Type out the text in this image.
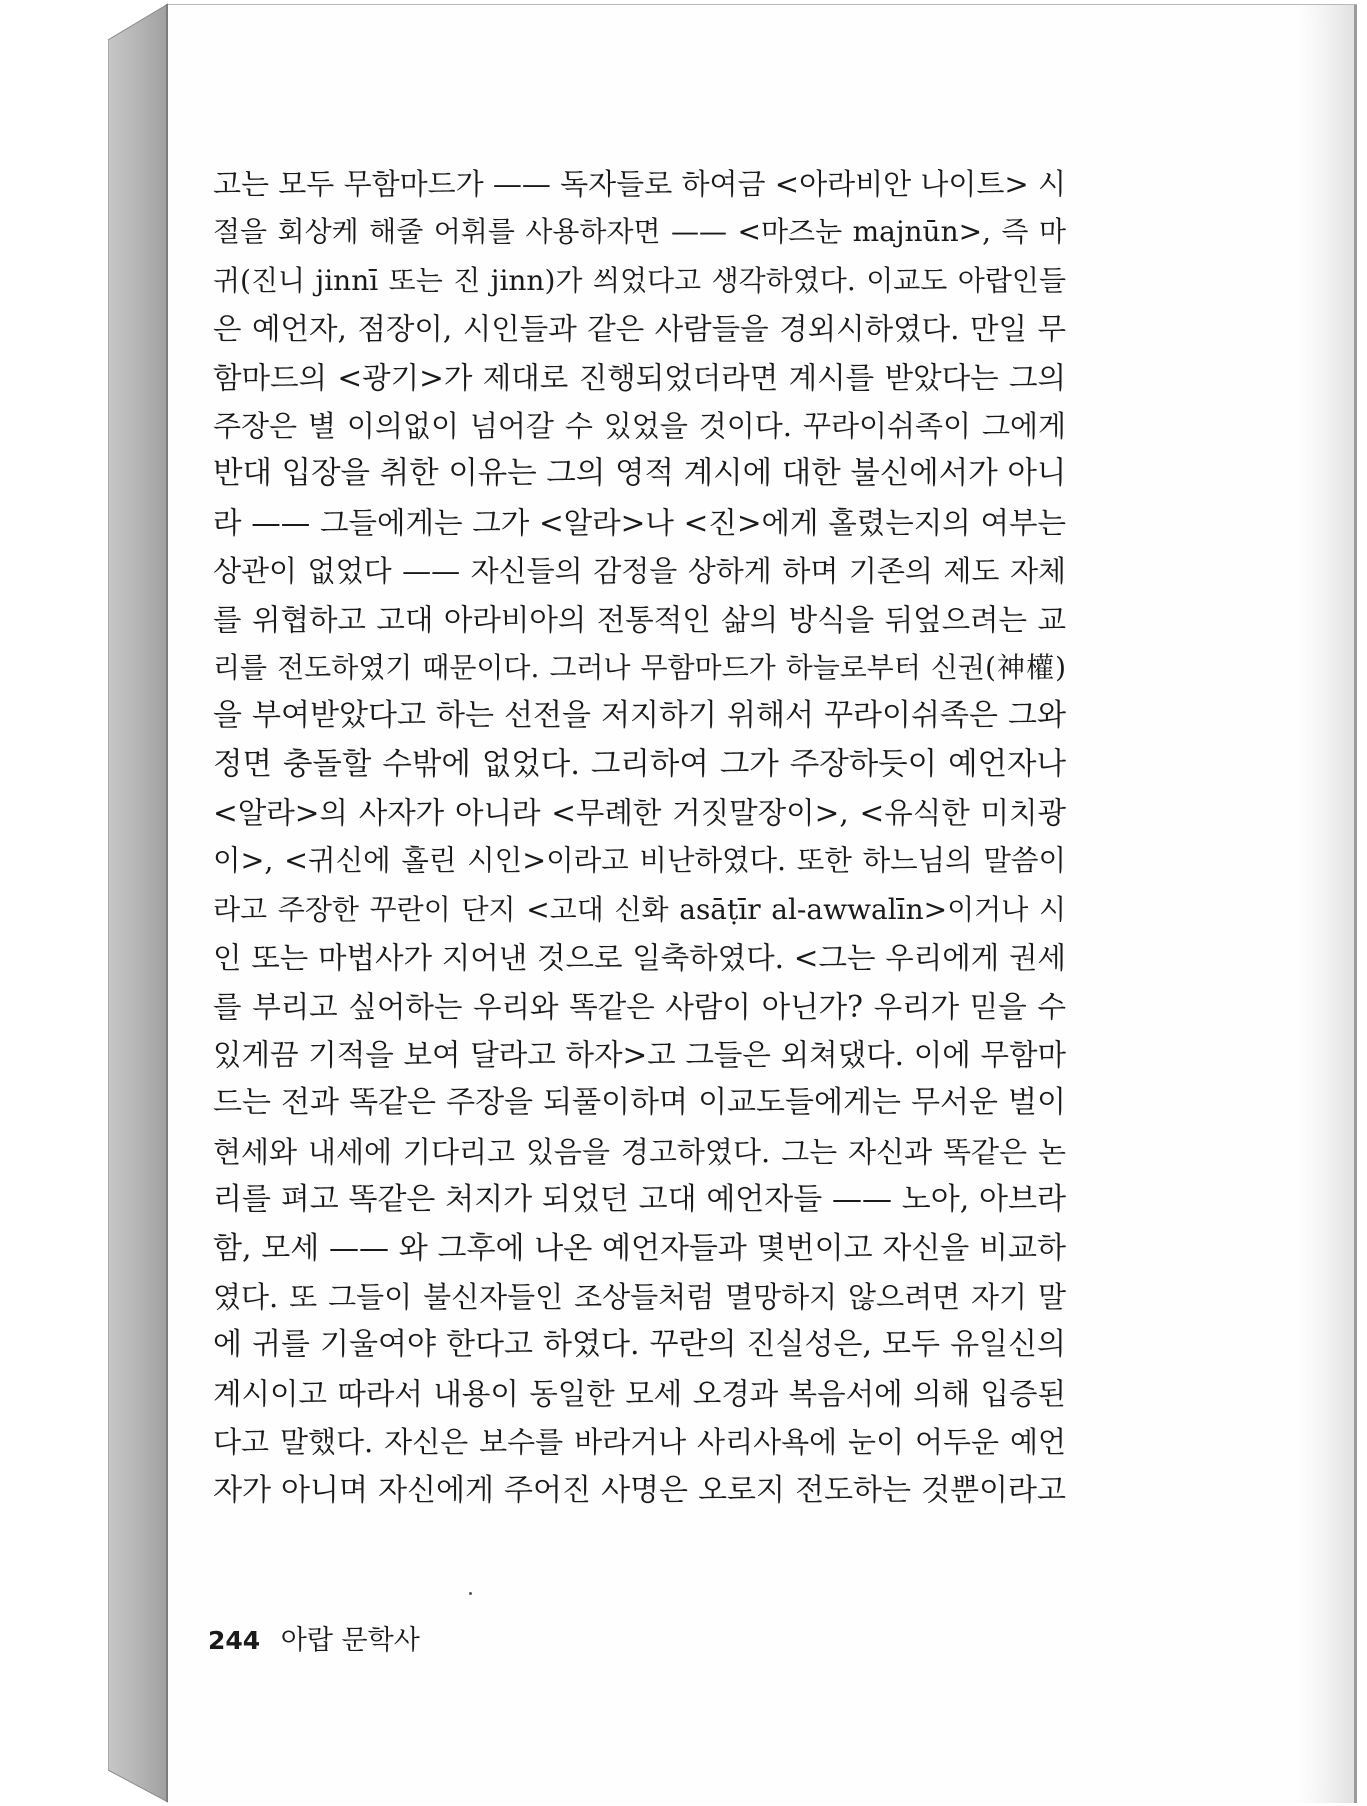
고는 모두 무함마드가 —— 독자들로 하여금 <아라비안 나이트> 시
절을 회상케 해줄 어휘를 사용하자면 —— <마즈눈 majnūn>, 즉 마
귀(진니 jinnī 또는 진 jinn)가 씌었다고 생각하였다. 이교도 아랍인들
은 예언자, 점장이, 시인들과 같은 사람들을 경외시하였다. 만일 무
함마드의 <광기>가 제대로 진행되었더라면 계시를 받았다는 그의
주장은 별 이의없이 넘어갈 수 있었을 것이다. 꾸라이쉬족이 그에게
반대 입장을 취한 이유는 그의 영적 계시에 대한 불신에서가 아니
라 —— 그들에게는 그가 <알라>나 <진>에게 홀렸는지의 여부는
상관이 없었다 —— 자신들의 감정을 상하게 하며 기존의 제도 자체
를 위협하고 고대 아라비아의 전통적인 삶의 방식을 뒤엎으려는 교
리를 전도하였기 때문이다. 그러나 무함마드가 하늘로부터 신권(神權)
을 부여받았다고 하는 선전을 저지하기 위해서 꾸라이쉬족은 그와
정면 충돌할 수밖에 없었다. 그리하여 그가 주장하듯이 예언자나
<알라>의 사자가 아니라 <무례한 거짓말장이>, <유식한 미치광
이>, <귀신에 홀린 시인>이라고 비난하였다. 또한 하느님의 말씀이
라고 주장한 꾸란이 단지 <고대 신화 asāṭīr al-awwalīn>이거나 시
인 또는 마법사가 지어낸 것으로 일축하였다. <그는 우리에게 권세
를 부리고 싶어하는 우리와 똑같은 사람이 아닌가? 우리가 믿을 수
있게끔 기적을 보여 달라고 하자>고 그들은 외쳐댔다. 이에 무함마
드는 전과 똑같은 주장을 되풀이하며 이교도들에게는 무서운 벌이
현세와 내세에 기다리고 있음을 경고하였다. 그는 자신과 똑같은 논
리를 펴고 똑같은 처지가 되었던 고대 예언자들 —— 노아, 아브라
함, 모세 —— 와 그후에 나온 예언자들과 몇번이고 자신을 비교하
였다. 또 그들이 불신자들인 조상들처럼 멸망하지 않으려면 자기 말
에 귀를 기울여야 한다고 하였다. 꾸란의 진실성은, 모두 유일신의
계시이고 따라서 내용이 동일한 모세 오경과 복음서에 의해 입증된
다고 말했다. 자신은 보수를 바라거나 사리사욕에 눈이 어두운 예언
자가 아니며 자신에게 주어진 사명은 오로지 전도하는 것뿐이라고
244 아랍 문학사
